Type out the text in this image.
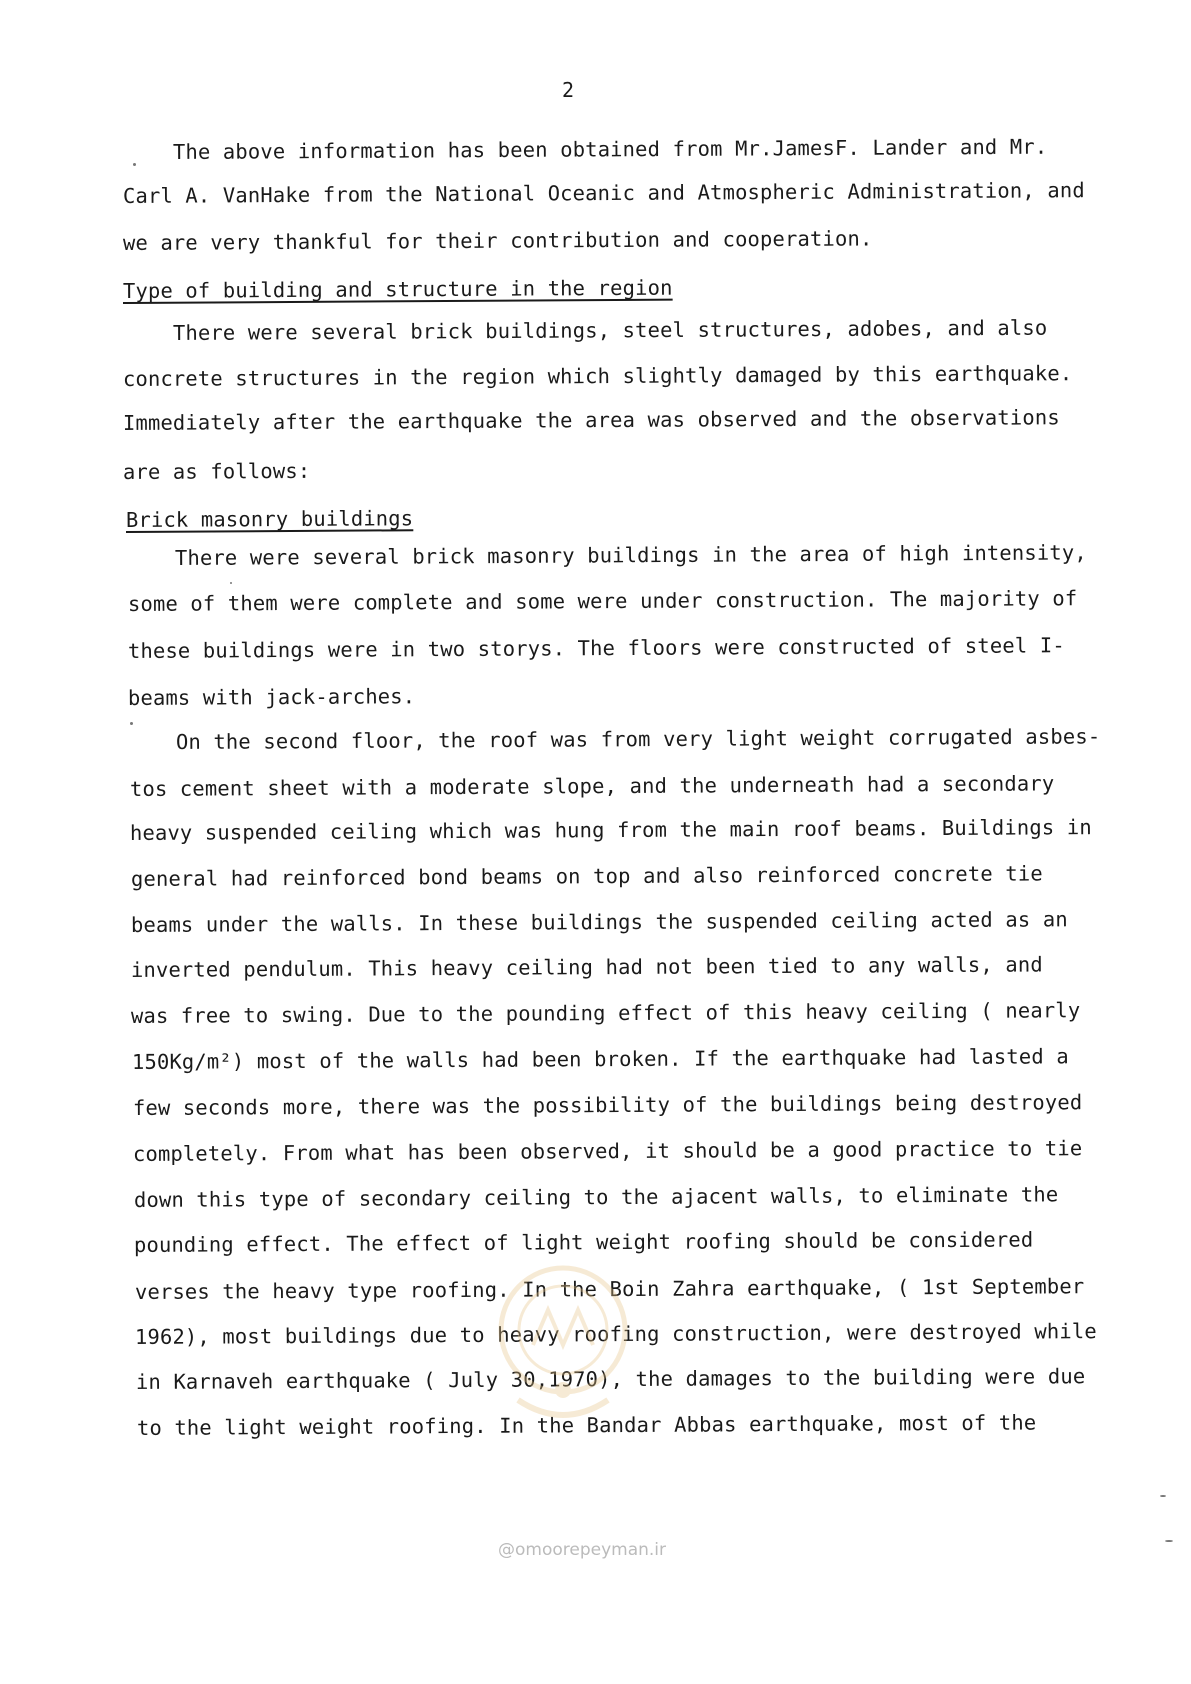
2
The above information has been obtained from Mr.JamesF. Lander and Mr.
Carl A. VanHake from the National Oceanic and Atmospheric Administration, and
we are very thankful for their contribution and cooperation.
Type of building and structure in the region
There were several brick buildings, steel structures, adobes, and also
concrete structures in the region which slightly damaged by this earthquake.
Immediately after the earthquake the area was observed and the observations
are as follows:
Brick masonry buildings
There were several brick masonry buildings in the area of high intensity,
some of them were complete and some were under construction. The majority of
these buildings were in two storys. The floors were constructed of steel I-
beams with jack-arches.
On the second floor, the roof was from very light weight corrugated asbes-
tos cement sheet with a moderate slope, and the underneath had a secondary
heavy suspended ceiling which was hung from the main roof beams. Buildings in
general had reinforced bond beams on top and also reinforced concrete tie
beams under the walls. In these buildings the suspended ceiling acted as an
inverted pendulum. This heavy ceiling had not been tied to any walls, and
was free to swing. Due to the pounding effect of this heavy ceiling ( nearly
150Kg/m²) most of the walls had been broken. If the earthquake had lasted a
few seconds more, there was the possibility of the buildings being destroyed
completely. From what has been observed, it should be a good practice to tie
down this type of secondary ceiling to the ajacent walls, to eliminate the
pounding effect. The effect of light weight roofing should be considered
verses the heavy type roofing. In the Boin Zahra earthquake, ( 1st September
1962), most buildings due to heavy roofing construction, were destroyed while
in Karnaveh earthquake ( July 30,1970), the damages to the building were due
to the light weight roofing. In the Bandar Abbas earthquake, most of the
@omoorepeyman.ir
